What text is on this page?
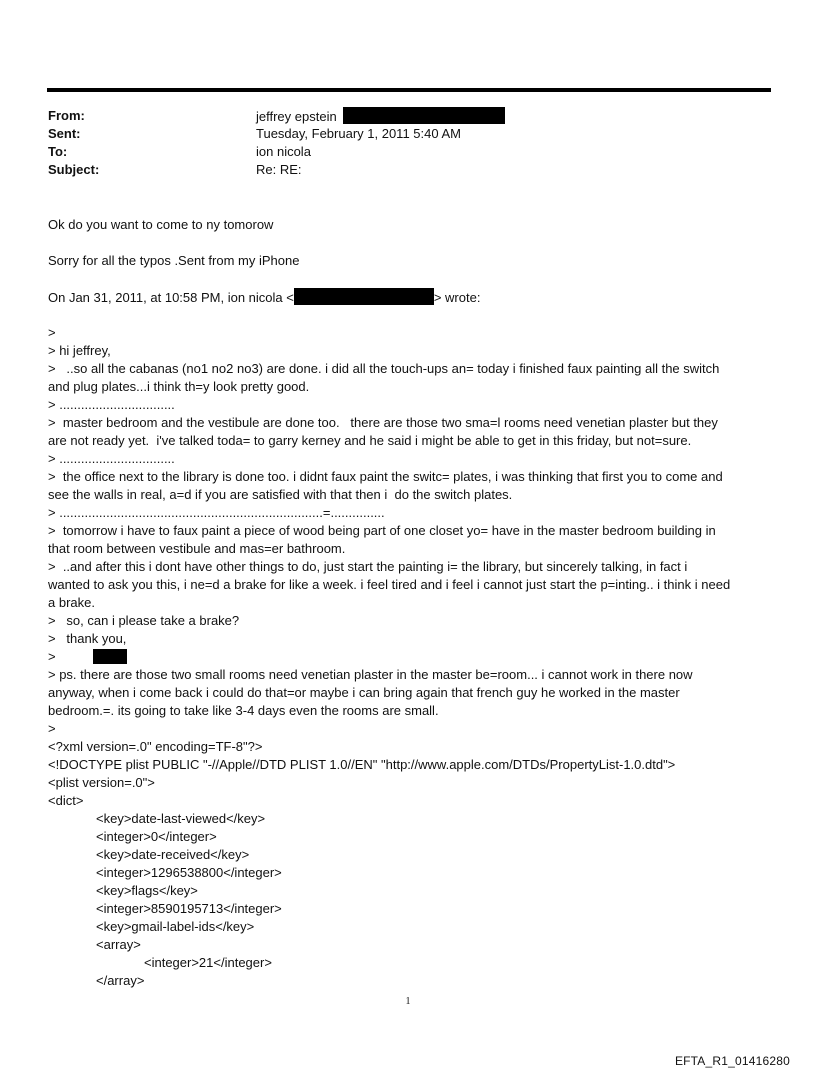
From:	jeffrey epstein
Sent:	Tuesday, February 1, 2011 5:40 AM
To:	ion nicola
Subject:	Re: RE:
Ok do you want to come to ny tomorow
Sorry for all the typos .Sent from my iPhone
On Jan 31, 2011, at 10:58 PM, ion nicola <	> wrote:
>
> hi jeffrey,
>   ..so all the cabanas (no1 no2 no3) are done. i did all the touch-ups an= today i finished faux painting all the switch
and plug plates...i think th=y look pretty good.
> ................................
>  master bedroom and the vestibule are done too.   there are those two sma=l rooms need venetian plaster but they
are not ready yet.  i've talked toda= to garry kerney and he said i might be able to get in this friday, but not=sure.
> ................................
>  the office next to the library is done too. i didnt faux paint the switc= plates, i was thinking that first you to come and
see the walls in real, a=d if you are satisfied with that then i  do the switch plates.
> .........................................................................=...............
>  tomorrow i have to faux paint a piece of wood being part of one closet yo= have in the master bedroom building in
that room between vestibule and mas=er bathroom.
>  ..and after this i dont have other things to do, just start the painting i= the library, but sincerely talking, in fact i
wanted to ask you this, i ne=d a brake for like a week. i feel tired and i feel i cannot just start the p=inting.. i think i need
a brake.
>   so, can i please take a brake?
>   thank you,
>
> ps. there are those two small rooms need venetian plaster in the master be=room... i cannot work in there now
anyway, when i come back i could do that=or maybe i can bring again that french guy he worked in the master
bedroom.=. its going to take like 3-4 days even the rooms are small.
>
<?xml version=.0" encoding=TF-8"?>
<!DOCTYPE plist PUBLIC "-//Apple//DTD PLIST 1.0//EN" "http://www.apple.com/DTDs/PropertyList-1.0.dtd">
<plist version=.0">
<dict>
<key>date-last-viewed</key>
<integer>0</integer>
<key>date-received</key>
<integer>1296538800</integer>
<key>flags</key>
<integer>8590195713</integer>
<key>gmail-label-ids</key>
<array>
<integer>21</integer>
</array>
1
EFTA_R1_01416280
